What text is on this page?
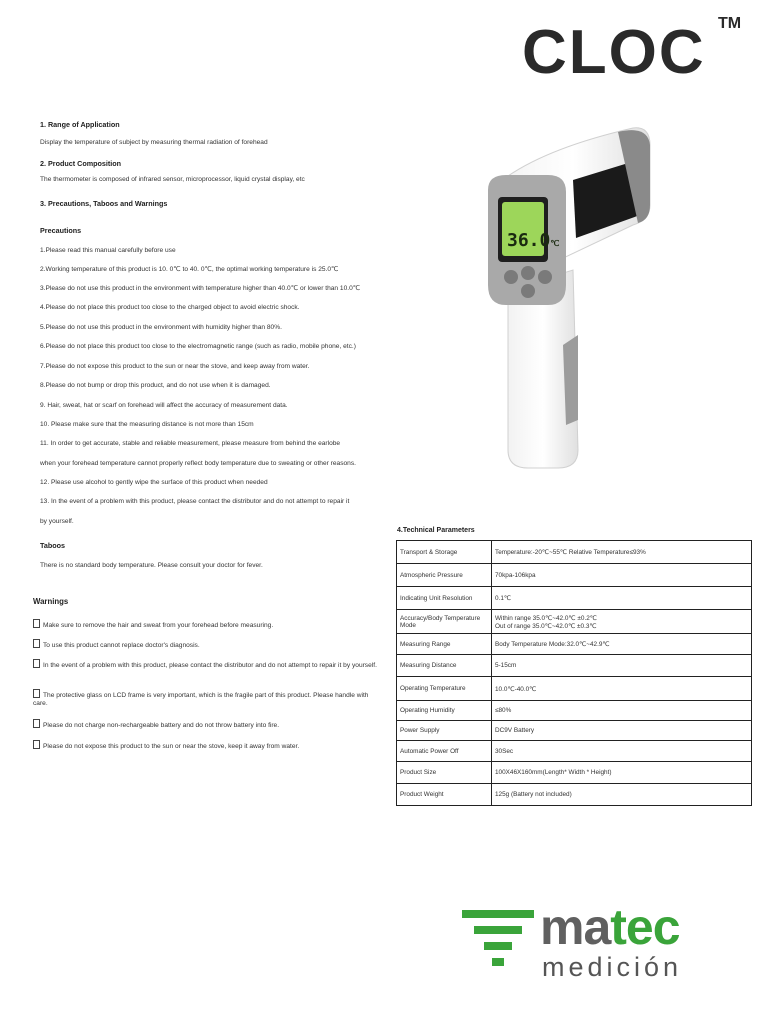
CLOC TM
1. Range of Application
Display the temperature of subject by measuring thermal radiation of forehead
2. Product Composition
The thermometer is composed of infrared sensor, microprocessor, liquid crystal display, etc
3. Precautions, Taboos and Warnings
Precautions
1.Please read this manual carefully before use
2.Working temperature of this product is 10. 0℃ to 40. 0℃, the optimal working temperature is 25.0℃
3.Please do not use this product in the environment with temperature higher than 40.0℃ or lower than 10.0℃
4.Please do not place this product too close to the charged object to avoid electric shock.
5.Please do not use this product in the environment with humidity higher than 80%.
6.Please do not place this product too close to the electromagnetic range (such as radio, mobile phone, etc.)
7.Please do not expose this product to the sun or near the stove, and keep away from water.
8.Please do not bump or drop this product, and do not use when it is damaged.
9. Hair, sweat, hat or scarf on forehead will affect the accuracy of measurement data.
10. Please make sure that the measuring distance is not more than 15cm
11. In order to get accurate, stable and reliable measurement, please measure from behind the earlobe
when your forehead temperature cannot properly reflect body temperature due to sweating or other reasons.
12. Please use alcohol to gently wipe the surface of this product when needed
13. In the event of a problem with this product, please contact the distributor and do not attempt to repair it
by yourself.
Taboos
There is no standard body temperature. Please consult your doctor for fever.
Warnings
Make sure to remove the hair and sweat from your forehead before measuring.
To use this product cannot replace doctor's diagnosis.
In the event of a problem with this product, please contact the distributor and do not attempt to repair it by yourself.
The protective glass on LCD frame is very important, which is the fragile part of this product. Please handle with care.
Please do not charge non-rechargeable battery and do not throw battery into fire.
Please do not expose this product to the sun or near the stove, keep it away from water.
36.0℃
4.Technical Parameters
Transport & Storage	Temperature:-20℃~55℃ Relative Temperature≤93%
Atmospheric Pressure	70kpa-106kpa
Indicating Unit Resolution	0.1℃
Accuracy/Body Temperature Mode	Within range 35.0℃~42.0℃ ±0.2℃
Out of range 35.0℃~42.0℃ ±0.3℃

Measuring Range	Body Temperature Mode:32.0℃~42.9℃
Measuring Distance	5-15cm
Operating Temperature	10.0℃-40.0℃
Operating Humidity	≤80%
Power Supply	DC9V Battery
Automatic Power Off	30Sec
Product Size	100X46X160mm(Length* Width * Height)
Product Weight	125g (Battery not included)
matec
medición
